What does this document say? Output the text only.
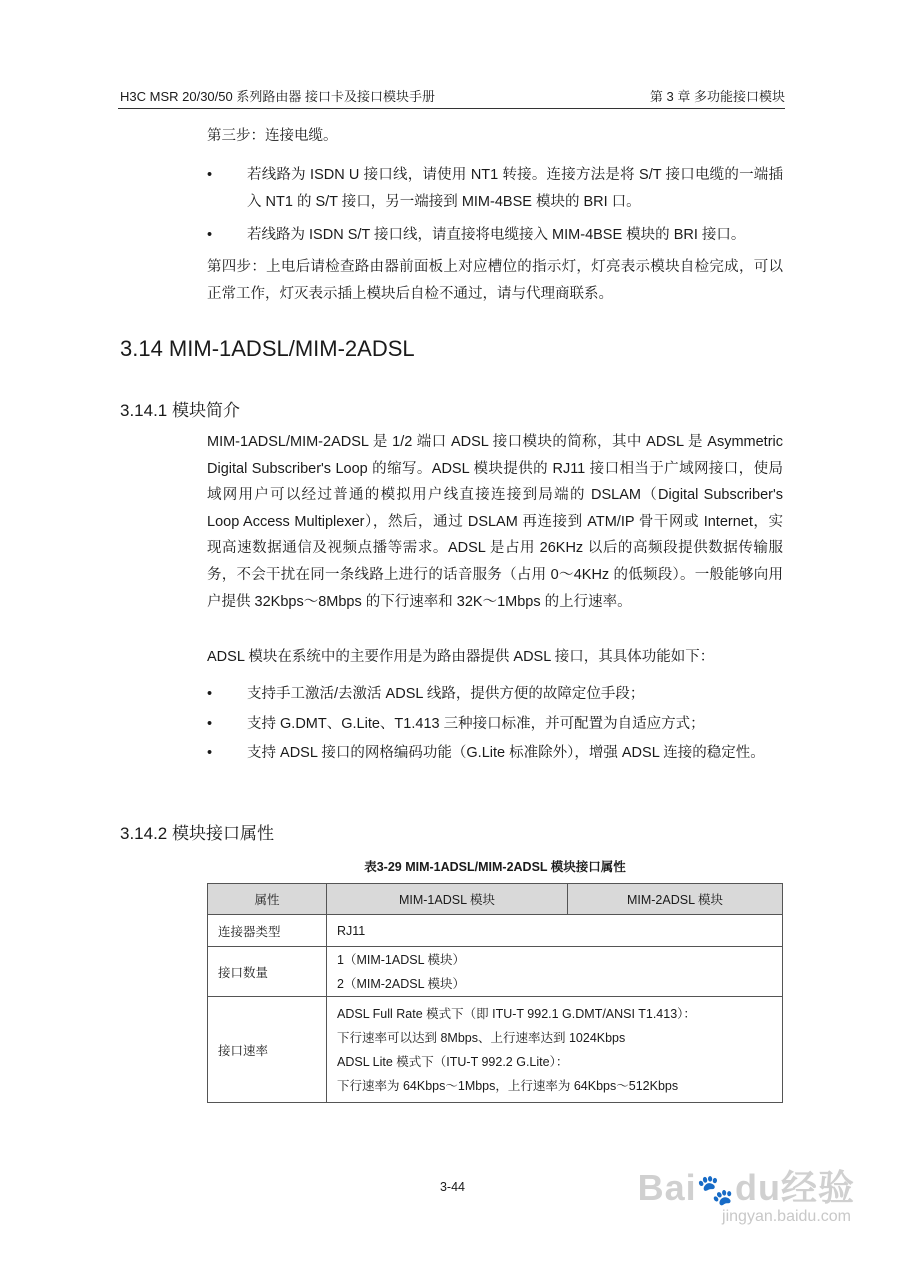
H3C MSR 20/30/50 系列路由器 接口卡及接口模块手册	第 3 章 多功能接口模块
第三步：连接电缆。
• 若线路为 ISDN U 接口线，请使用 NT1 转接。连接方法是将 S/T 接口电缆的一端插入 NT1 的 S/T 接口，另一端接到 MIM-4BSE 模块的 BRI 口。
• 若线路为 ISDN S/T 接口线，请直接将电缆接入 MIM-4BSE 模块的 BRI 接口。
第四步：上电后请检查路由器前面板上对应槽位的指示灯，灯亮表示模块自检完成，可以正常工作，灯灭表示插上模块后自检不通过，请与代理商联系。
3.14 MIM-1ADSL/MIM-2ADSL
3.14.1 模块简介
MIM-1ADSL/MIM-2ADSL 是 1/2 端口 ADSL 接口模块的简称，其中 ADSL 是 Asymmetric Digital Subscriber's Loop 的缩写。ADSL 模块提供的 RJ11 接口相当于广域网接口，使局域网用户可以经过普通的模拟用户线直接连接到局端的 DSLAM（Digital Subscriber's Loop Access Multiplexer），然后，通过 DSLAM 再连接到 ATM/IP 骨干网或 Internet，实现高速数据通信及视频点播等需求。ADSL 是占用 26KHz 以后的高频段提供数据传输服务，不会干扰在同一条线路上进行的话音服务（占用 0～4KHz 的低频段）。一般能够向用户提供 32Kbps～8Mbps 的下行速率和 32K～1Mbps 的上行速率。
ADSL 模块在系统中的主要作用是为路由器提供 ADSL 接口，其具体功能如下：
• 支持手工激活/去激活 ADSL 线路，提供方便的故障定位手段；
• 支持 G.DMT、G.Lite、T1.413 三种接口标准，并可配置为自适应方式；
• 支持 ADSL 接口的网格编码功能（G.Lite 标准除外），增强 ADSL 连接的稳定性。
3.14.2 模块接口属性
表3-29 MIM-1ADSL/MIM-2ADSL 模块接口属性
属性	MIM-1ADSL 模块	MIM-2ADSL 模块
连接器类型	RJ11	

接口数量	1（MIM-1ADSL 模块）
2（MIM-2ADSL 模块）	

接口速率	ADSL Full Rate 模式下（即 ITU-T 992.1 G.DMT/ANSI T1.413）：
下行速率可以达到 8Mbps、上行速率达到 1024Kbps
ADSL Lite 模式下（ITU-T 992.2 G.Lite）：
下行速率为 64Kbps～1Mbps，上行速率为 64Kbps～512Kbps	
3-44	Bai🐾du经验
jingyan.baidu.com
